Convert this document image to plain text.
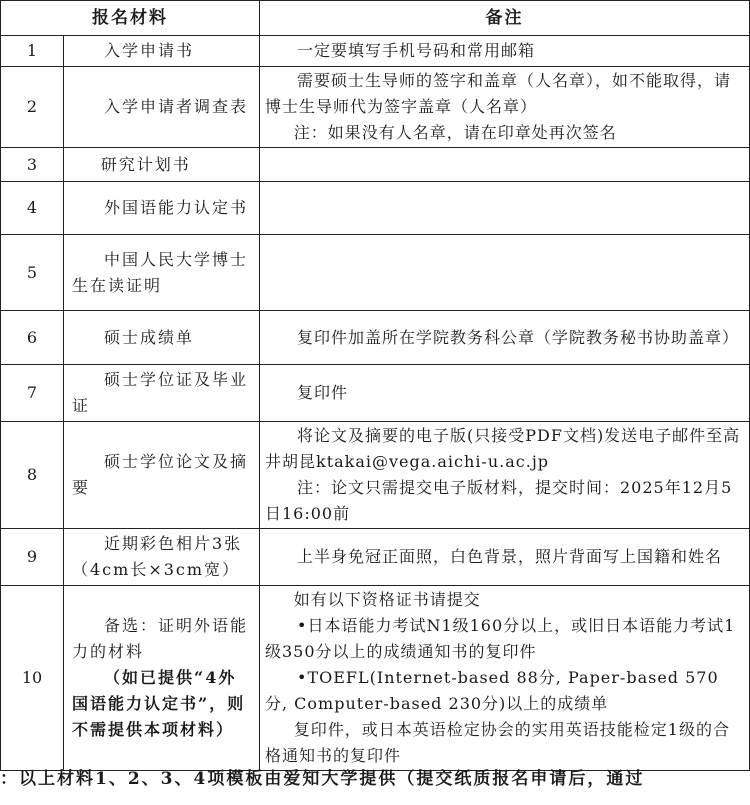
报名材料		备注
1	入学申请书	一定要填写手机号码和常用邮箱

2	入学申请者调查表	需要硕士生导师的签字和盖章（人名章），如不能取得，请博士生导师代为签字盖章（人名章）
注：如果没有人名章，请在印章处再次签名

3	研究计划书	

4	外国语能力认定书	

5	中国人民大学博士生在读证明	

6	硕士成绩单	复印件加盖所在学院教务科公章（学院教务秘书协助盖章）

7	硕士学位证及毕业证	复印件

8	硕士学位论文及摘要	将论文及摘要的电子版(只接受PDF文档)发送电子邮件至高井胡昆ktakai@vega.aichi-u.ac.jp
注：论文只需提交电子版材料，提交时间：2025年12月5日16:00前

9	近期彩色相片3张（4cm长×3cm宽）	上半身免冠正面照，白色背景，照片背面写上国籍和姓名

10	备选：证明外语能力的材料
（如已提供“4外国语能力认定书”，则不需提供本项材料）	如有以下资格证书请提交
•日本语能力考试N1级160分以上，或旧日本语能力考试1级350分以上的成绩通知书的复印件
•TOEFL(Internet-based 88分, Paper-based 570分, Computer-based 230分)以上的成绩单
复印件，或日本英语检定协会的实用英语技能检定1级的合格通知书的复印件
：以上材料1、2、3、4项模板由爱知大学提供（提交纸质报名申请后，通过
